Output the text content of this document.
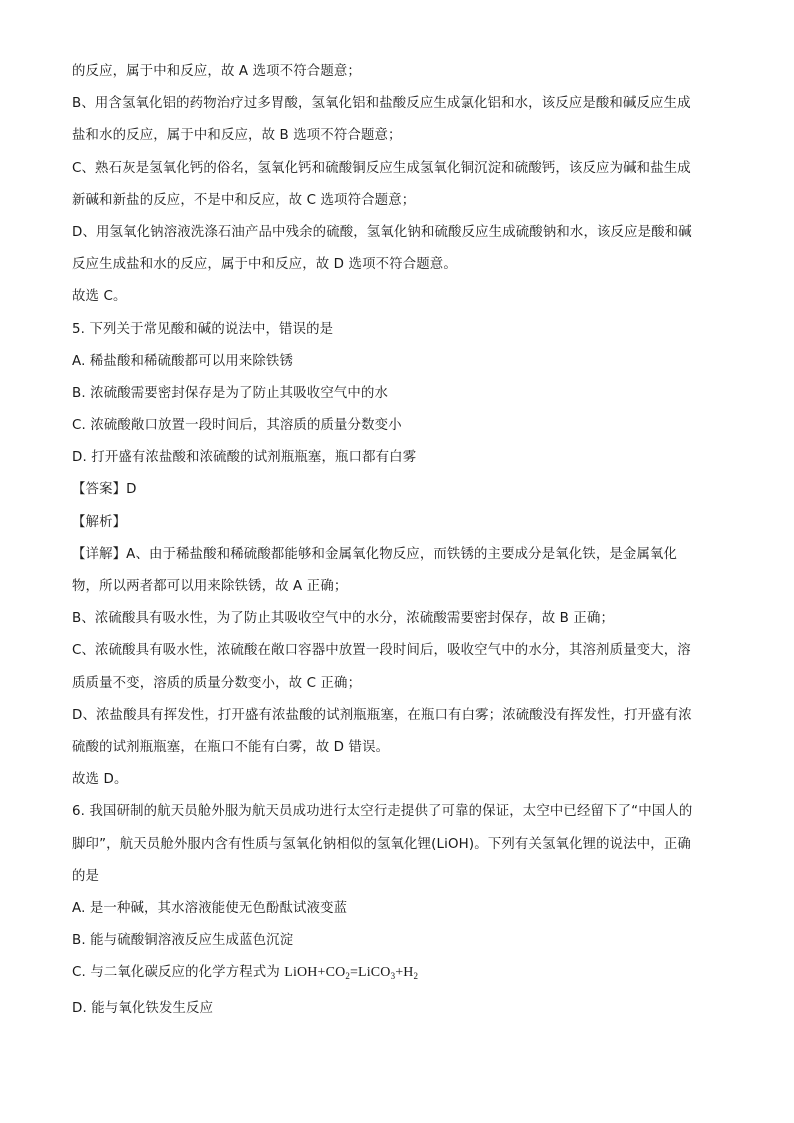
的反应，属于中和反应，故 A 选项不符合题意；
B、用含氢氧化铝的药物治疗过多胃酸，氢氧化铝和盐酸反应生成氯化铝和水，该反应是酸和碱反应生成
盐和水的反应，属于中和反应，故 B 选项不符合题意；
C、熟石灰是氢氧化钙的俗名，氢氧化钙和硫酸铜反应生成氢氧化铜沉淀和硫酸钙，该反应为碱和盐生成
新碱和新盐的反应，不是中和反应，故 C 选项符合题意；
D、用氢氧化钠溶液洗涤石油产品中残余的硫酸，氢氧化钠和硫酸反应生成硫酸钠和水，该反应是酸和碱
反应生成盐和水的反应，属于中和反应，故 D 选项不符合题意。
故选 C。
5. 下列关于常见酸和碱的说法中，错误的是
A. 稀盐酸和稀硫酸都可以用来除铁锈
B. 浓硫酸需要密封保存是为了防止其吸收空气中的水
C. 浓硫酸敞口放置一段时间后，其溶质的质量分数变小
D. 打开盛有浓盐酸和浓硫酸的试剂瓶瓶塞，瓶口都有白雾
【答案】D
【解析】
【详解】A、由于稀盐酸和稀硫酸都能够和金属氧化物反应，而铁锈的主要成分是氧化铁，是金属氧化
物，所以两者都可以用来除铁锈，故 A 正确；
B、浓硫酸具有吸水性，为了防止其吸收空气中的水分，浓硫酸需要密封保存，故 B 正确；
C、浓硫酸具有吸水性，浓硫酸在敞口容器中放置一段时间后，吸收空气中的水分，其溶剂质量变大，溶
质质量不变，溶质的质量分数变小，故 C 正确；
D、浓盐酸具有挥发性，打开盛有浓盐酸的试剂瓶瓶塞，在瓶口有白雾；浓硫酸没有挥发性，打开盛有浓
硫酸的试剂瓶瓶塞，在瓶口不能有白雾，故 D 错误。
故选 D。
6. 我国研制的航天员舱外服为航天员成功进行太空行走提供了可靠的保证，太空中已经留下了“中国人的
脚印”，航天员舱外服内含有性质与氢氧化钠相似的氢氧化锂(LiOH)。下列有关氢氧化锂的说法中，正确
的是
A. 是一种碱，其水溶液能使无色酚酞试液变蓝
B. 能与硫酸铜溶液反应生成蓝色沉淀
C. 与二氧化碳反应的化学方程式为 $LiOH+CO_2=LiCO_3+H_2$
D. 能与氧化铁发生反应
